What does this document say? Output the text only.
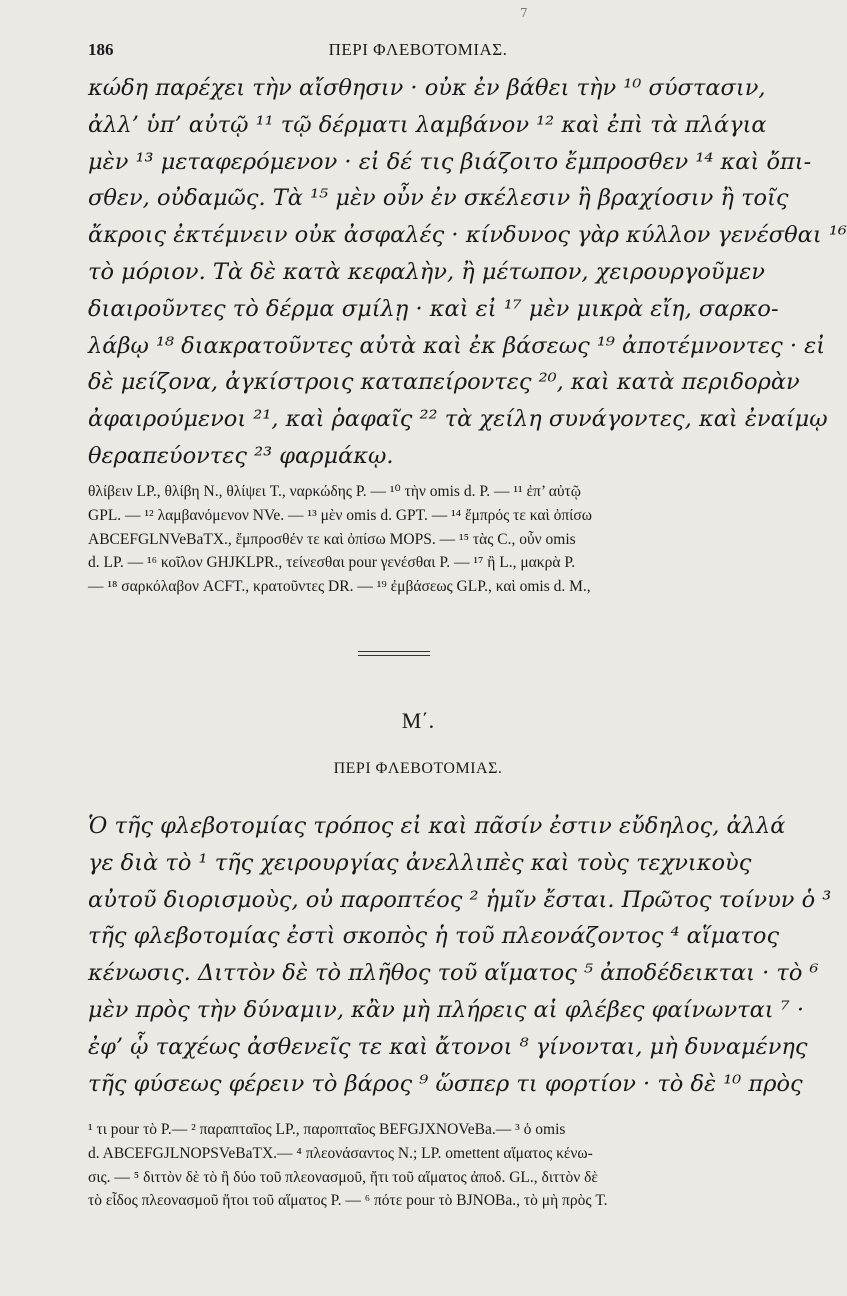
186	ΠΕΡΙ ΦΛΕΒΟΤΟΜΙΑΣ.
7
κώδη παρέχει τὴν αἴσθησιν · οὐκ ἐν βάθει τὴν ¹⁰ σύστασιν,
ἀλλ’ ὑπ’ αὐτῷ ¹¹ τῷ δέρματι λαμβάνον ¹² καὶ ἐπὶ τὰ πλάγια
μὲν ¹³ μεταφερόμενον · εἰ δέ τις βιάζοιτο ἔμπροσθεν ¹⁴ καὶ ὄπι-
σθεν, οὐδαμῶς. Τὰ ¹⁵ μὲν οὖν ἐν σκέλεσιν ἢ βραχίοσιν ἢ τοῖς
ἄκροις ἐκτέμνειν οὐκ ἀσφαλές · κίνδυνος γὰρ κύλλον γενέσθαι ¹⁶
τὸ μόριον. Τὰ δὲ κατὰ κεφαλὴν, ἢ μέτωπον, χειρουργοῦμεν
διαιροῦντες τὸ δέρμα σμίλῃ · καὶ εἰ ¹⁷ μὲν μικρὰ εἴη, σαρκο-
λάβῳ ¹⁸ διακρατοῦντες αὐτὰ καὶ ἐκ βάσεως ¹⁹ ἀποτέμνοντες · εἰ
δὲ μείζονα, ἀγκίστροις καταπείροντες ²⁰, καὶ κατὰ περιδορὰν
ἀφαιρούμενοι ²¹, καὶ ῥαφαῖς ²² τὰ χείλη συνάγοντες, καὶ ἐναίμῳ
θεραπεύοντες ²³ φαρμάκῳ.
θλίβειν LP., θλίβη N., θλίψει T., ναρκώδης P. — ¹⁰ τὴν omis d. P. — ¹¹ ἐπ’ αὐτῷ
GPL. — ¹² λαμβανόμενον NVe. — ¹³ μὲν omis d. GPT. — ¹⁴ ἔμπρός τε καὶ ὀπίσω
ABCEFGLNVeBaTX., ἔμπροσθέν τε καὶ ὀπίσω MOPS. — ¹⁵ τὰς C., οὖν omis
d. LP. — ¹⁶ κοῖλον GHJKLPR., τείνεσθαι pour γενέσθαι P. — ¹⁷ ἢ L., μακρὰ P.
— ¹⁸ σαρκόλαβον ACFT., κρατοῦντες DR. — ¹⁹ ἐμβάσεως GLP., καὶ omis d. M.,
Μ΄.
ΠΕΡΙ ΦΛΕΒΟΤΟΜΙΑΣ.
Ὁ τῆς φλεβοτομίας τρόπος εἰ καὶ πᾶσίν ἐστιν εὔδηλος, ἀλλά
γε διὰ τὸ ¹ τῆς χειρουργίας ἀνελλιπὲς καὶ τοὺς τεχνικοὺς
αὐτοῦ διορισμοὺς, οὐ παροπτέος ² ἡμῖν ἔσται. Πρῶτος τοίνυν ὁ ³
τῆς φλεβοτομίας ἐστὶ σκοπὸς ἡ τοῦ πλεονάζοντος ⁴ αἵματος
κένωσις. Διττὸν δὲ τὸ πλῆθος τοῦ αἵματος ⁵ ἀποδέδεικται · τὸ ⁶
μὲν πρὸς τὴν δύναμιν, κἂν μὴ πλήρεις αἱ φλέβες φαίνωνται ⁷ ·
ἐφ’ ᾧ ταχέως ἀσθενεῖς τε καὶ ἄτονοι ⁸ γίνονται, μὴ δυναμένης
τῆς φύσεως φέρειν τὸ βάρος ⁹ ὥσπερ τι φορτίον · τὸ δὲ ¹⁰ πρὸς
¹ τι pour τὸ P.— ² παραπταῖος LP., παροπταῖος BEFGJXNOVeBa.— ³ ὁ omis
d. ABCEFGJLNOPSVeBaTX.— ⁴ πλεονάσαντος N.; LP. omettent αἵματος κένω-
σις. — ⁵ διττὸν δὲ τὸ ἢ δύο τοῦ πλεονασμοῦ, ἤτι τοῦ αἵματος ἀποδ. GL., διττὸν δὲ
τὸ εἶδος πλεονασμοῦ ἤτοι τοῦ αἵματος P. — ⁶ πότε pour τὸ BJNOBa., τὸ μὴ πρὸς T.
